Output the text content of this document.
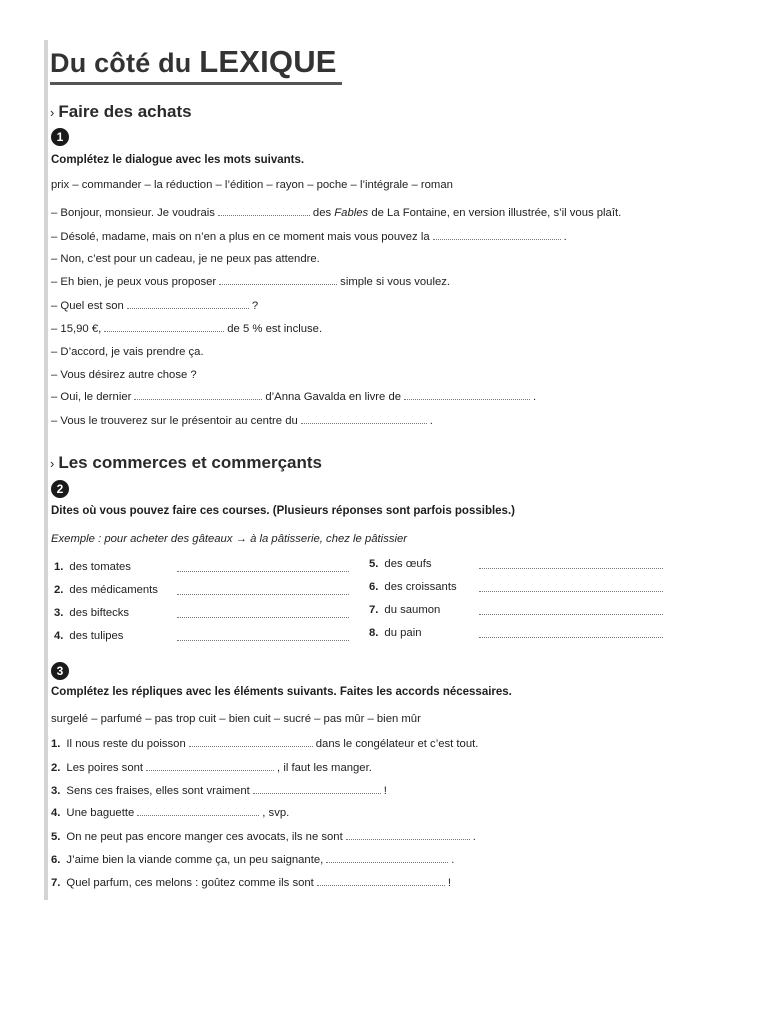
Du côté du LEXIQUE
› Faire des achats
1
Complétez le dialogue avec les mots suivants.
prix – commander – la réduction – l’édition – rayon – poche – l’intégrale – roman
– Bonjour, monsieur. Je voudrais	des Fables de La Fontaine, en version illustrée, s’il vous plaît.
– Désolé, madame, mais on n’en a plus en ce moment mais vous pouvez la	.
– Non, c’est pour un cadeau, je ne peux pas attendre.
– Eh bien, je peux vous proposer	simple si vous voulez.
– Quel est son	?
– 15,90 €,	de 5 % est incluse.
– D’accord, je vais prendre ça.
– Vous désirez autre chose ?
– Oui, le dernier	d’Anna Gavalda en livre de	.
– Vous le trouverez sur le présentoir au centre du	.
› Les commerces et commerçants
2
Dites où vous pouvez faire ces courses. (Plusieurs réponses sont parfois possibles.)
Exemple : pour acheter des gâteaux → à la pâtisserie, chez le pâtissier
1. des tomates
2. des médicaments
3. des biftecks
4. des tulipes
5. des œufs
6. des croissants
7. du saumon
8. du pain
3
Complétez les répliques avec les éléments suivants. Faites les accords nécessaires.
surgelé – parfumé – pas trop cuit – bien cuit – sucré – pas mûr – bien mûr
1. Il nous reste du poisson	dans le congélateur et c’est tout.
2. Les poires sont	, il faut les manger.
3. Sens ces fraises, elles sont vraiment	!
4. Une baguette	, svp.
5. On ne peut pas encore manger ces avocats, ils ne sont	.
6. J’aime bien la viande comme ça, un peu saignante,	.
7. Quel parfum, ces melons : goûtez comme ils sont	!
